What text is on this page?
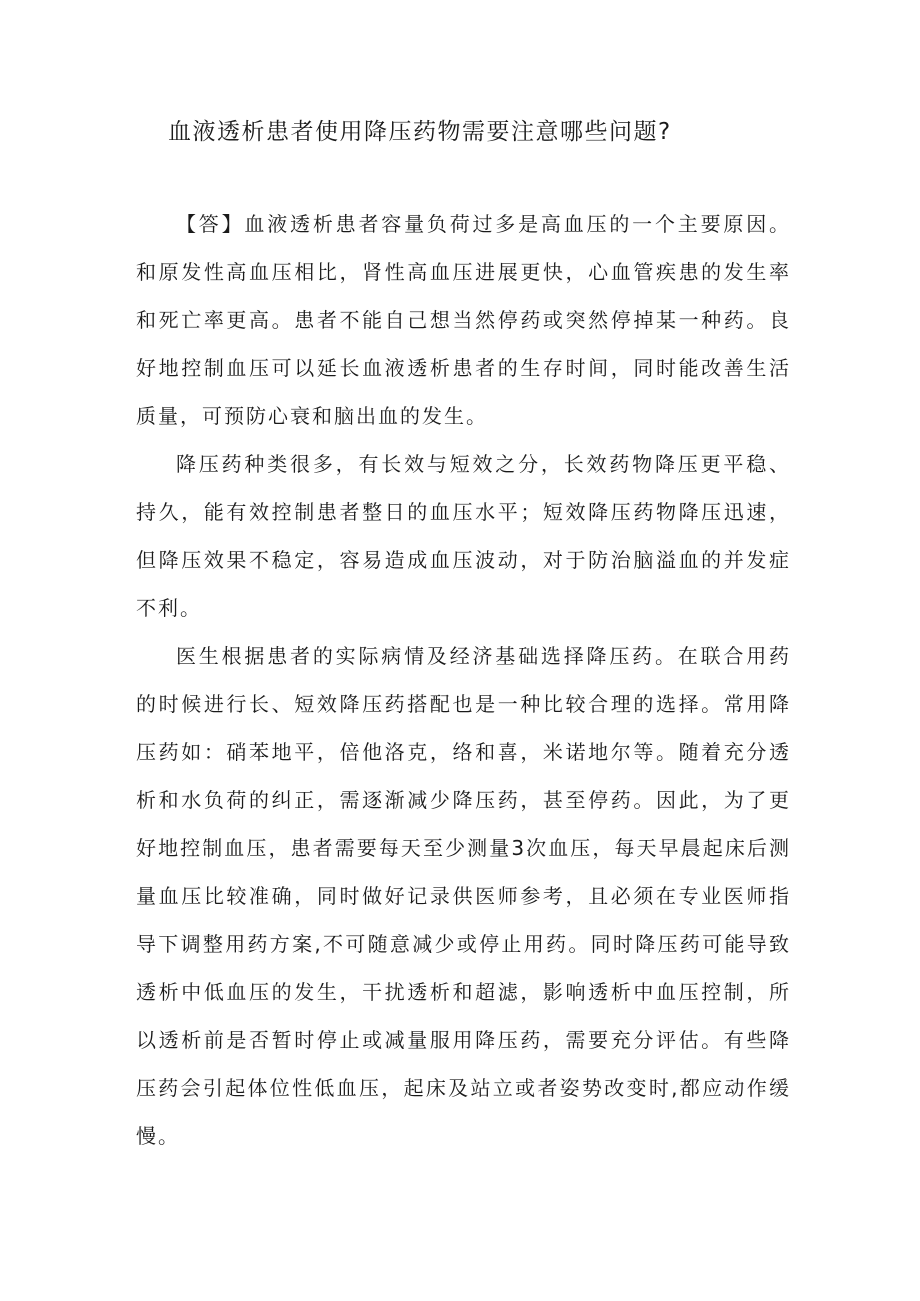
血液透析患者使用降压药物需要注意哪些问题?

【答】血液透析患者容量负荷过多是高血压的一个主要原因。和原发性高血压相比，肾性高血压进展更快，心血管疾患的发生率和死亡率更高。患者不能自己想当然停药或突然停掉某一种药。良好地控制血压可以延长血液透析患者的生存时间，同时能改善生活质量，可预防心衰和脑出血的发生。

降压药种类很多，有长效与短效之分，长效药物降压更平稳、持久，能有效控制患者整日的血压水平；短效降压药物降压迅速，但降压效果不稳定，容易造成血压波动，对于防治脑溢血的并发症不利。

医生根据患者的实际病情及经济基础选择降压药。在联合用药的时候进行长、短效降压药搭配也是一种比较合理的选择。常用降压药如：硝苯地平，倍他洛克，络和喜，米诺地尔等。随着充分透析和水负荷的纠正，需逐渐减少降压药，甚至停药。因此，为了更好地控制血压，患者需要每天至少测量3次血压，每天早晨起床后测量血压比较准确，同时做好记录供医师参考，且必须在专业医师指导下调整用药方案,不可随意减少或停止用药。同时降压药可能导致透析中低血压的发生，干扰透析和超滤，影响透析中血压控制，所以透析前是否暂时停止或减量服用降压药，需要充分评估。有些降压药会引起体位性低血压，起床及站立或者姿势改变时,都应动作缓慢。
